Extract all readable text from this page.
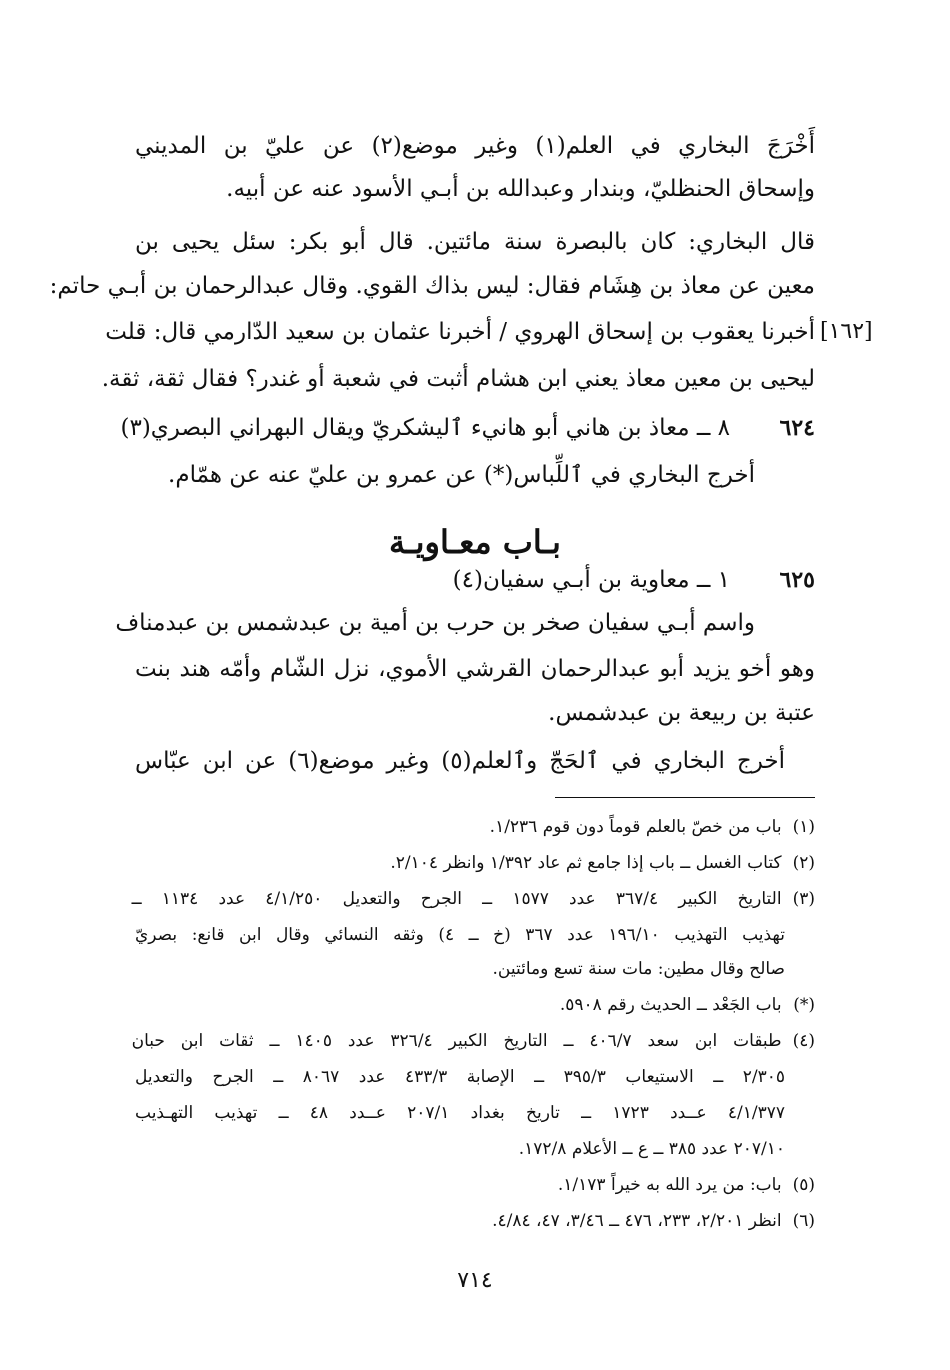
أَخْرَجَ البخاري في العلم(١) وغير موضع(٢) عن عليّ بن المديني
وإسحاق الحنظليّ، وبندار وعبدالله بن أبـي الأسود عنه عن أبيه.
قال البخاري: كان بالبصرة سنة مائتين. قال أبو بكر: سئل يحيى بن
معين عن معاذ بن هِشَام فقال: ليس بذاك القوي. وقال عبدالرحمان بن أبـي حاتم:
[١٦٢]
أخبرنا يعقوب بن إسحاق الهروي / أخبرنا عثمان بن سعيد الدّارمي قال: قلت
ليحيى بن معين معاذ يعني ابن هشام أثبت في شعبة أو غندر؟ فقال ثقة، ثقة.
٦٢٤
٨ ــ معاذ بن هاني أبو هانيء ٱليشكريّ ويقال البهراني البصري(٣)
أخرج البخاري في ٱللِّباس(*) عن عمرو بن عليّ عنه عن همّام.
بـاب معـاويـة
٦٢٥
١ ــ معاوية بن أبـي سفيان(٤)
واسم أبـي سفيان صخر بن حرب بن أمية بن عبدشمس بن عبدمناف
وهو أخو يزيد أبو عبدالرحمان القرشي الأموي، نزل الشّام وأمّه هند بنت
عتبة بن ربيعة بن عبدشمس.
أخرج البخاري في ٱلحَجّ وٱلعلم(٥) وغير موضع(٦) عن ابن عبّاس
(١) باب من خصّ بالعلم قوماً دون قوم ١/٢٣٦.
(٢) كتاب الغسل ــ باب إذا جامع ثم عاد ١/٣٩٢ وانظر ٢/١٠٤.
(٣) التاريخ الكبير ٣٦٧/٤ عدد ١٥٧٧ ــ الجرح والتعديل ٤/١/٢٥٠ عدد ١١٣٤ ــ
تهذيب التهذيب ١٩٦/١٠ عدد ٣٦٧ (خ ــ ٤) وثقه النسائي وقال ابن قانع: بصريّ
صالح وقال مطين: مات سنة تسع ومائتين.
(*) باب الجَعْد ــ الحديث رقم ٥٩٠٨.
(٤) طبقات ابن سعد ٤٠٦/٧ ــ التاريخ الكبير ٣٢٦/٤ عدد ١٤٠٥ ــ ثقات ابن حبان
٢/٣٠٥ ــ الاستيعاب ٣٩٥/٣ ــ الإصابة ٤٣٣/٣ عدد ٨٠٦٧ ــ الجرح والتعديل
٤/١/٣٧٧ عــدد ١٧٢٣ ــ تاريخ بغداد ٢٠٧/١ عــدد ٤٨ ــ تهذيب التهـذيب
٢٠٧/١٠ عدد ٣٨٥ ــ ع ــ الأعلام ١٧٢/٨.
(٥) باب: من يرد الله به خيراً ١/١٧٣.
(٦) انظر ٢/٢٠١، ٢٣٣، ٤٧٦ ــ ٣/٤٦، ٤٧، ٤/٨٤.
٧١٤
